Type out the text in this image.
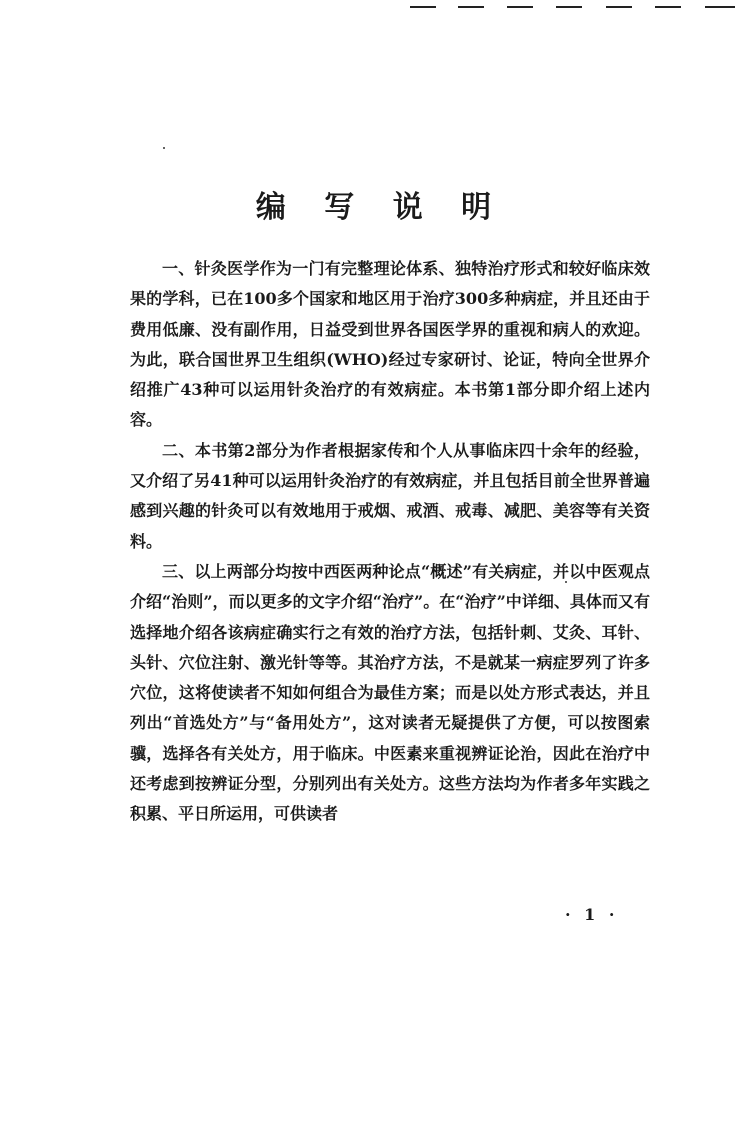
编 写 说 明

一、针灸医学作为一门有完整理论体系、独特治疗形式和较好临床效果的学科，已在100多个国家和地区用于治疗300多种病症，并且还由于费用低廉、没有副作用，日益受到世界各国医学界的重视和病人的欢迎。为此，联合国世界卫生组织(WHO)经过专家研讨、论证，特向全世界介绍推广43种可以运用针灸治疗的有效病症。本书第1部分即介绍上述内容。

二、本书第2部分为作者根据家传和个人从事临床四十余年的经验，又介绍了另41种可以运用针灸治疗的有效病症，并且包括目前全世界普遍感到兴趣的针灸可以有效地用于戒烟、戒酒、戒毒、减肥、美容等有关资料。

三、以上两部分均按中西医两种论点“概述”有关病症，并以中医观点介绍“治则”，而以更多的文字介绍“治疗”。在“治疗”中详细、具体而又有选择地介绍各该病症确实行之有效的治疗方法，包括针刺、艾灸、耳针、头针、穴位注射、激光针等等。其治疗方法，不是就某一病症罗列了许多穴位，这将使读者不知如何组合为最佳方案；而是以处方形式表达，并且列出“首选处方”与“备用处方”，这对读者无疑提供了方便，可以按图索骥，选择各有关处方，用于临床。中医素来重视辨证论治，因此在治疗中还考虑到按辨证分型，分别列出有关处方。这些方法均为作者多年实践之积累、平日所运用，可供读者

· 1 ·
